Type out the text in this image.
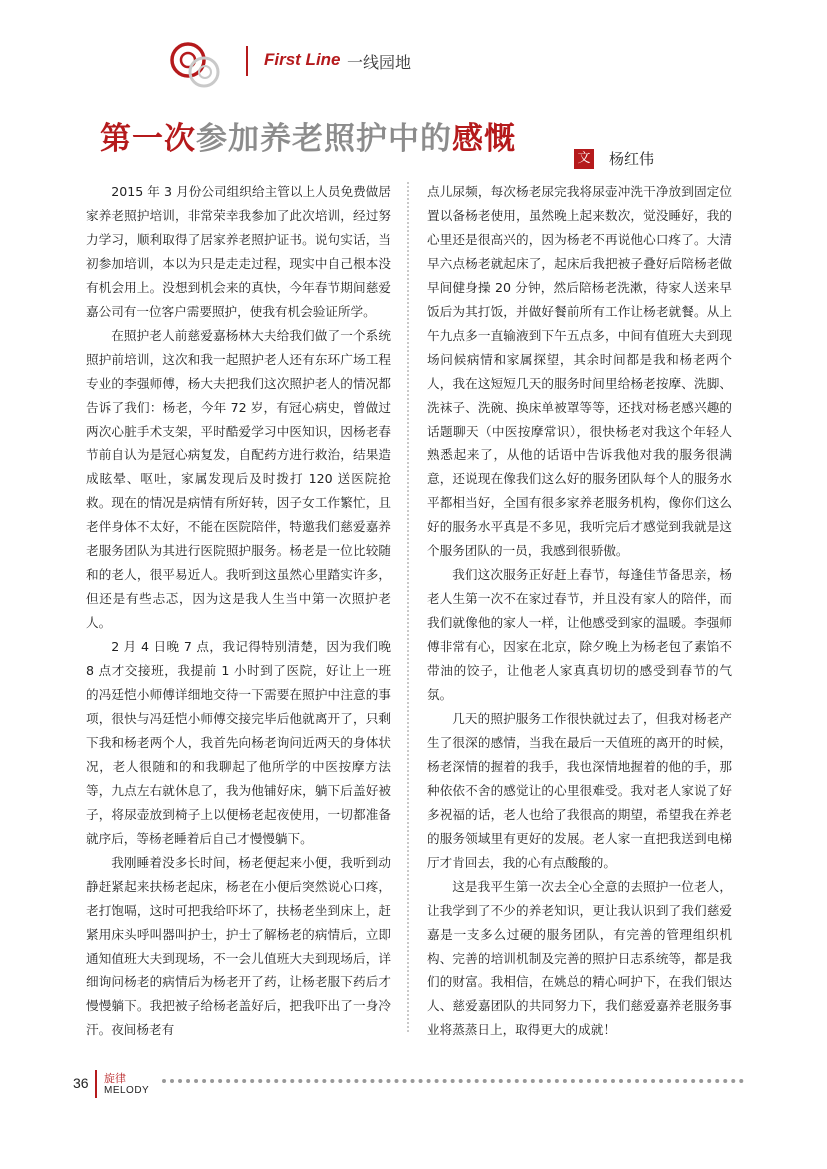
First Line 一线园地
第一次参加养老照护中的感慨
文 杨红伟

2015 年 3 月份公司组织给主管以上人员免费做居家养老照护培训，非常荣幸我参加了此次培训，经过努力学习，顺利取得了居家养老照护证书。说句实话，当初参加培训，本以为只是走走过程，现实中自己根本没有机会用上。没想到机会来的真快，今年春节期间慈爱嘉公司有一位客户需要照护，使我有机会验证所学。

在照护老人前慈爱嘉杨林大夫给我们做了一个系统照护前培训，这次和我一起照护老人还有东环广场工程专业的李强师傅，杨大夫把我们这次照护老人的情况都告诉了我们：杨老，今年 72 岁，有冠心病史，曾做过两次心脏手术支架，平时酷爱学习中医知识，因杨老春节前自认为是冠心病复发，自配药方进行救治，结果造成眩晕、呕吐，家属发现后及时拨打 120 送医院抢救。现在的情况是病情有所好转，因子女工作繁忙，且老伴身体不太好，不能在医院陪伴，特邀我们慈爱嘉养老服务团队为其进行医院照护服务。杨老是一位比较随和的老人，很平易近人。我听到这虽然心里踏实许多，但还是有些忐忑，因为这是我人生当中第一次照护老人。

2 月 4 日晚 7 点，我记得特别清楚，因为我们晚 8 点才交接班，我提前 1 小时到了医院，好让上一班的冯廷恺小师傅详细地交待一下需要在照护中注意的事项，很快与冯廷恺小师傅交接完毕后他就离开了，只剩下我和杨老两个人，我首先向杨老询问近两天的身体状况，老人很随和的和我聊起了他所学的中医按摩方法等，九点左右就休息了，我为他铺好床，躺下后盖好被子，将尿壶放到椅子上以便杨老起夜使用，一切都准备就序后，等杨老睡着后自己才慢慢躺下。

我刚睡着没多长时间，杨老便起来小便，我听到动静赶紧起来扶杨老起床，杨老在小便后突然说心口疼，老打饱嗝，这时可把我给吓坏了，扶杨老坐到床上，赶紧用床头呼叫器叫护士，护士了解杨老的病情后，立即通知值班大夫到现场，不一会儿值班大夫到现场后，详细询问杨老的病情后为杨老开了药，让杨老服下药后才慢慢躺下。我把被子给杨老盖好后，把我吓出了一身冷汗。夜间杨老有

点儿尿频，每次杨老尿完我将尿壶冲洗干净放到固定位置以备杨老使用，虽然晚上起来数次，觉没睡好，我的心里还是很高兴的，因为杨老不再说他心口疼了。大清早六点杨老就起床了，起床后我把被子叠好后陪杨老做早间健身操 20 分钟，然后陪杨老洗漱，待家人送来早饭后为其打饭，并做好餐前所有工作让杨老就餐。从上午九点多一直输液到下午五点多，中间有值班大夫到现场问候病情和家属探望，其余时间都是我和杨老两个人，我在这短短几天的服务时间里给杨老按摩、洗脚、洗袜子、洗碗、换床单被罩等等，还找对杨老感兴趣的话题聊天（中医按摩常识），很快杨老对我这个年轻人熟悉起来了，从他的话语中告诉我他对我的服务很满意，还说现在像我们这么好的服务团队每个人的服务水平都相当好，全国有很多家养老服务机构，像你们这么好的服务水平真是不多见，我听完后才感觉到我就是这个服务团队的一员，我感到很骄傲。

我们这次服务正好赶上春节，每逢佳节备思亲，杨老人生第一次不在家过春节，并且没有家人的陪伴，而我们就像他的家人一样，让他感受到家的温暖。李强师傅非常有心，因家在北京，除夕晚上为杨老包了素馅不带油的饺子，让他老人家真真切切的感受到春节的气氛。

几天的照护服务工作很快就过去了，但我对杨老产生了很深的感情，当我在最后一天值班的离开的时候，杨老深情的握着的我手，我也深情地握着的他的手，那种依依不舍的感觉让的心里很难受。我对老人家说了好多祝福的话，老人也给了我很高的期望，希望我在养老的服务领域里有更好的发展。老人家一直把我送到电梯厅才肯回去，我的心有点酸酸的。

这是我平生第一次去全心全意的去照护一位老人，让我学到了不少的养老知识，更让我认识到了我们慈爱嘉是一支多么过硬的服务团队，有完善的管理组织机构、完善的培训机制及完善的照护日志系统等，都是我们的财富。我相信，在姚总的精心呵护下，在我们银达人、慈爱嘉团队的共同努力下，我们慈爱嘉养老服务事业将蒸蒸日上，取得更大的成就！

36 旋律
MELODY
